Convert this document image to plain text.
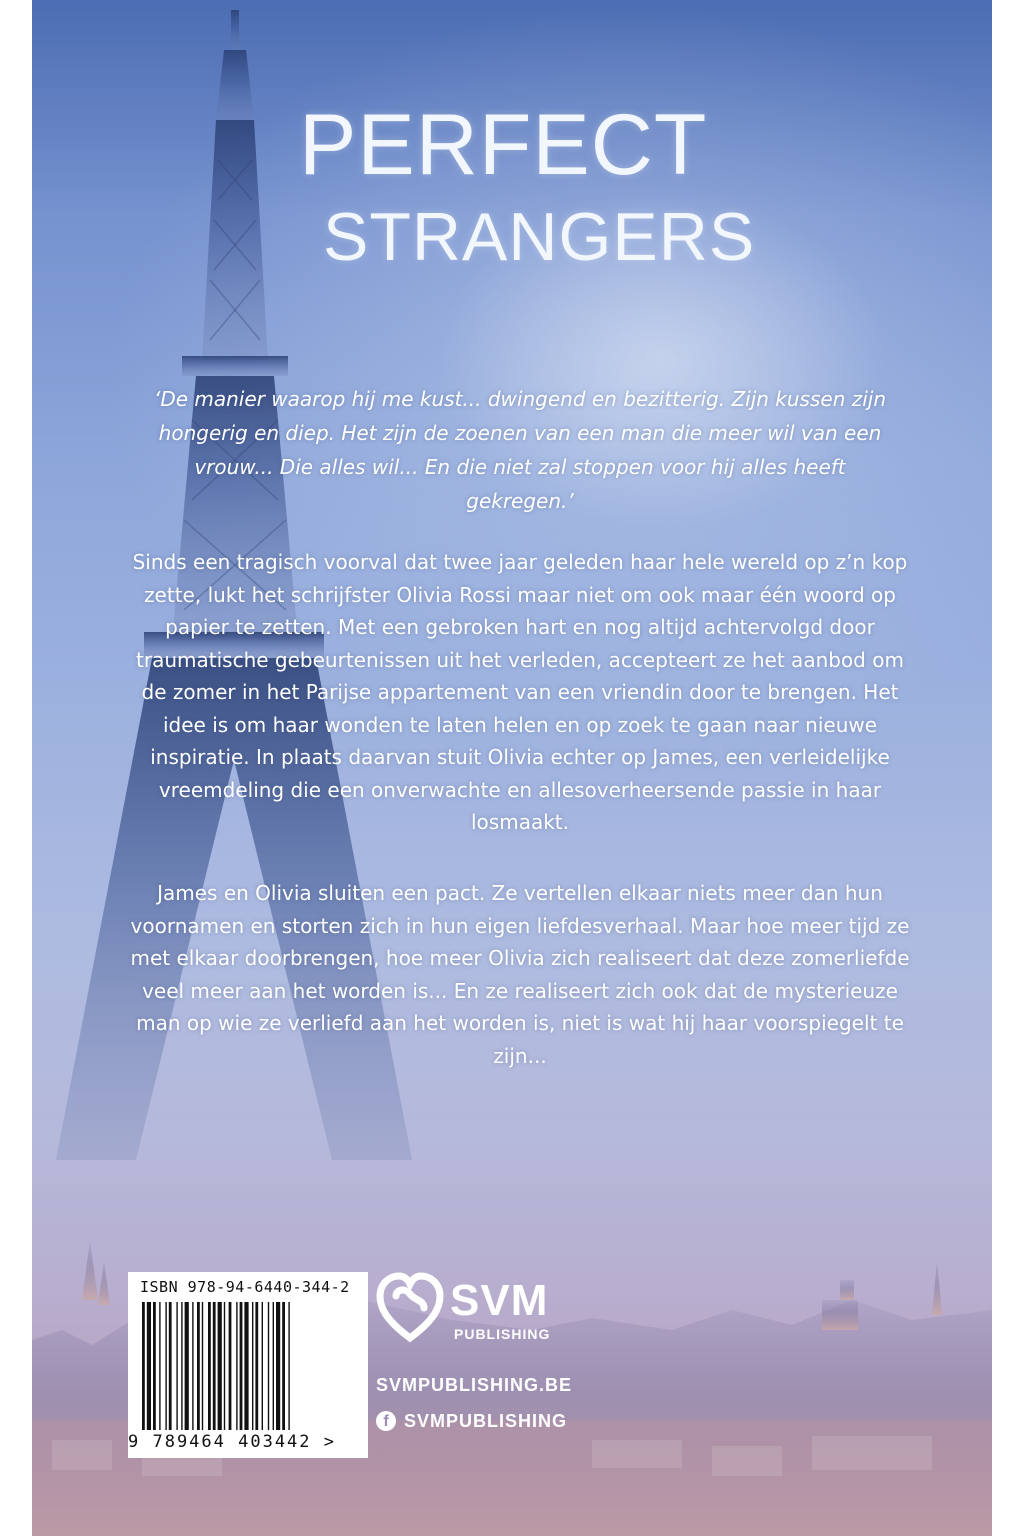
PERFECT
STRANGERS
‘De manier waarop hij me kust... dwingend en bezitterig. Zijn kussen zijn hongerig en diep. Het zijn de zoenen van een man die meer wil van een vrouw... Die alles wil... En die niet zal stoppen voor hij alles heeft gekregen.’
Sinds een tragisch voorval dat twee jaar geleden haar hele wereld op z’n kop zette, lukt het schrijfster Olivia Rossi maar niet om ook maar één woord op papier te zetten. Met een gebroken hart en nog altijd achtervolgd door traumatische gebeurtenissen uit het verleden, accepteert ze het aanbod om de zomer in het Parijse appartement van een vriendin door te brengen. Het idee is om haar wonden te laten helen en op zoek te gaan naar nieuwe inspiratie. In plaats daarvan stuit Olivia echter op James, een verleidelijke vreemdeling die een onverwachte en allesoverheersende passie in haar losmaakt.
James en Olivia sluiten een pact. Ze vertellen elkaar niets meer dan hun voornamen en storten zich in hun eigen liefdesverhaal. Maar hoe meer tijd ze met elkaar doorbrengen, hoe meer Olivia zich realiseert dat deze zomerliefde veel meer aan het worden is... En ze realiseert zich ook dat de mysterieuze man op wie ze verliefd aan het worden is, niet is wat hij haar voorspiegelt te zijn...
ISBN 978-94-6440-344-2
9 789464 403442 >
SVM
PUBLISHING
SVMPUBLISHING.BE
f SVMPUBLISHING
